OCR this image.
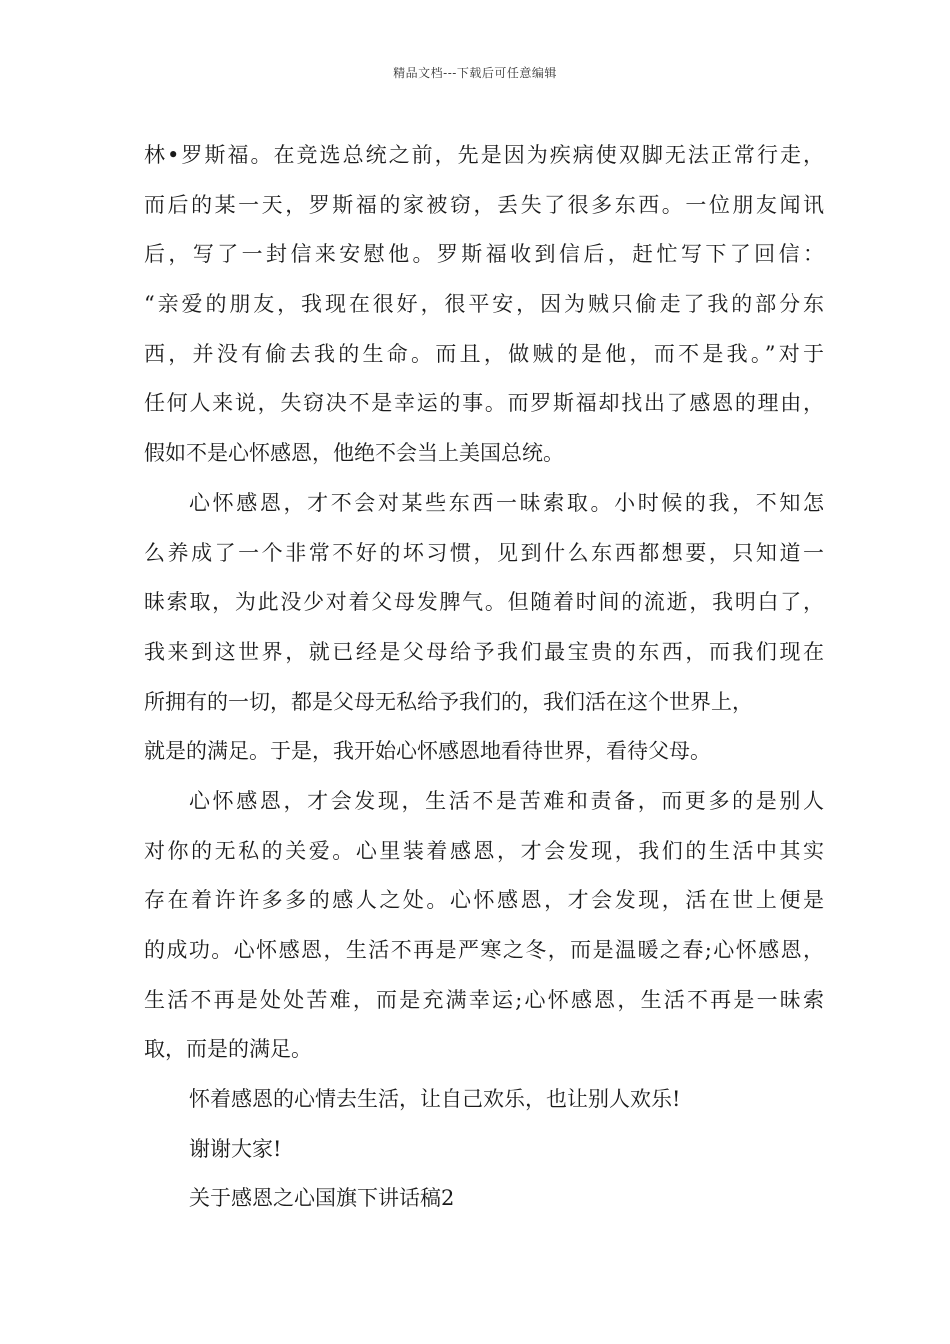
精品文档---下载后可任意编辑
林•罗斯福。在竞选总统之前，先是因为疾病使双脚无法正常行走，
而后的某一天，罗斯福的家被窃，丢失了很多东西。一位朋友闻讯
后，写了一封信来安慰他。罗斯福收到信后，赶忙写下了回信：
“亲爱的朋友，我现在很好，很平安，因为贼只偷走了我的部分东
西，并没有偷去我的生命。而且，做贼的是他，而不是我。”对于
任何人来说，失窃决不是幸运的事。而罗斯福却找出了感恩的理由，
假如不是心怀感恩，他绝不会当上美国总统。
心怀感恩，才不会对某些东西一昧索取。小时候的我，不知怎
么养成了一个非常不好的坏习惯，见到什么东西都想要，只知道一
昧索取，为此没少对着父母发脾气。但随着时间的流逝，我明白了，
我来到这世界，就已经是父母给予我们最宝贵的东西，而我们现在
所拥有的一切，都是父母无私给予我们的，我们活在这个世界上，
就是的满足。于是，我开始心怀感恩地看待世界，看待父母。
心怀感恩，才会发现，生活不是苦难和责备，而更多的是别人
对你的无私的关爱。心里装着感恩，才会发现，我们的生活中其实
存在着许许多多的感人之处。心怀感恩，才会发现，活在世上便是
的成功。心怀感恩，生活不再是严寒之冬，而是温暖之春;心怀感恩，
生活不再是处处苦难，而是充满幸运;心怀感恩，生活不再是一昧索
取，而是的满足。
怀着感恩的心情去生活，让自己欢乐，也让别人欢乐!
谢谢大家!
关于感恩之心国旗下讲话稿2
